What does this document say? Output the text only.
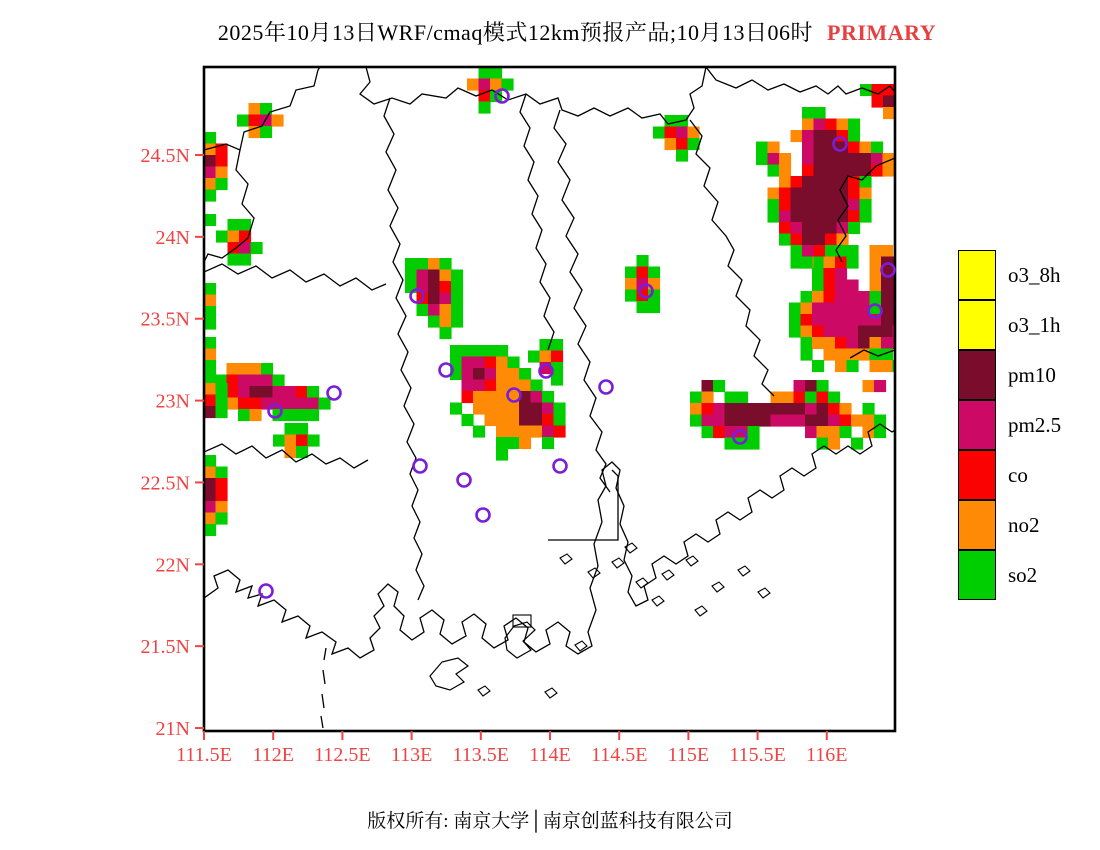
2025年10月13日WRF/cmaq模式12km预报产品;10月13日06时 PRIMARY
111.5E 112E 112.5E 113E 113.5E 114E 114.5E 115E 115.5E 116E
24.5N
24N
23.5N
23N
22.5N
22N
21.5N
21N
o3_8h
o3_1h
pm10
pm2.5
co
no2
so2
版权所有: 南京大学│南京创蓝科技有限公司
